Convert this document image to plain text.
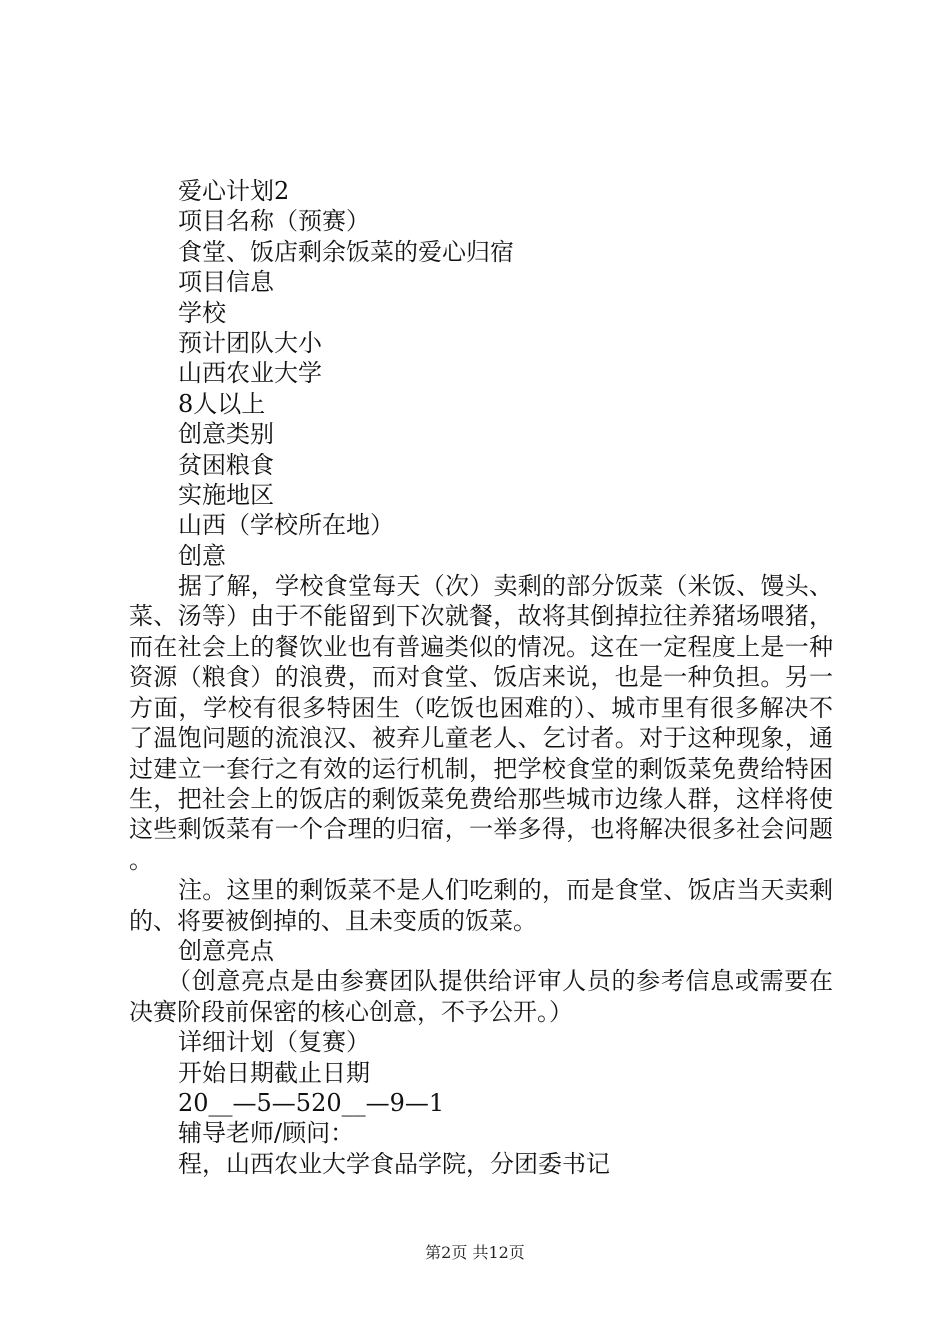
爱心计划2
项目名称（预赛）
食堂、饭店剩余饭菜的爱心归宿
项目信息
学校
预计团队大小
山西农业大学
8人以上
创意类别
贫困粮食
实施地区
山西（学校所在地）
创意
据了解，学校食堂每天（次）卖剩的部分饭菜（米饭、馒头、菜、汤等）由于不能留到下次就餐，故将其倒掉拉往养猪场喂猪，而在社会上的餐饮业也有普遍类似的情况。这在一定程度上是一种资源（粮食）的浪费，而对食堂、饭店来说，也是一种负担。另一方面，学校有很多特困生（吃饭也困难的）、城市里有很多解决不了温饱问题的流浪汉、被弃儿童老人、乞讨者。对于这种现象，通过建立一套行之有效的运行机制，把学校食堂的剩饭菜免费给特困生，把社会上的饭店的剩饭菜免费给那些城市边缘人群，这样将使这些剩饭菜有一个合理的归宿，一举多得，也将解决很多社会问题。
注。这里的剩饭菜不是人们吃剩的，而是食堂、饭店当天卖剩的、将要被倒掉的、且未变质的饭菜。
创意亮点
（创意亮点是由参赛团队提供给评审人员的参考信息或需要在决赛阶段前保密的核心创意，不予公开。）
详细计划（复赛）
开始日期截止日期
20__—5—520__—9—1
辅导老师/顾问：
程，山西农业大学食品学院，分团委书记
第2页 共12页
